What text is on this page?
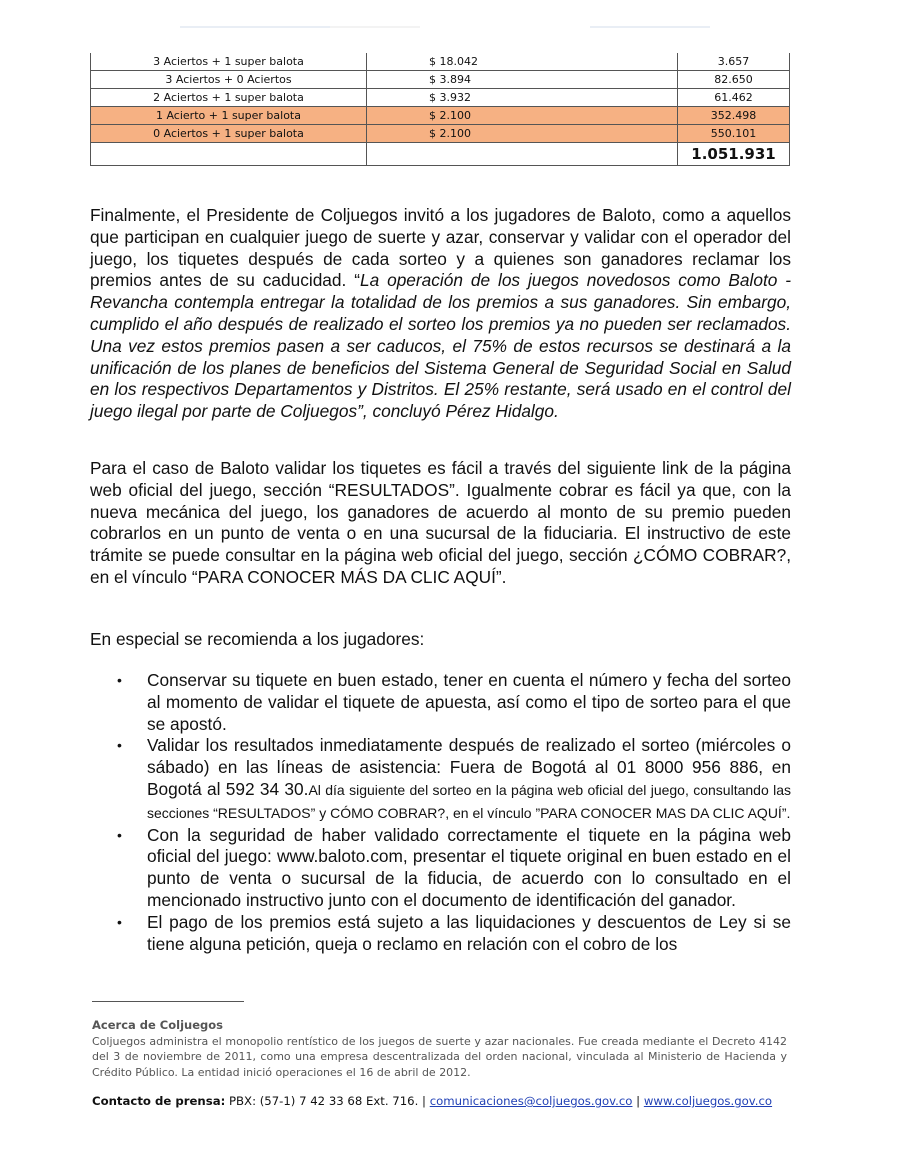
3 Aciertos + 1 super balota	$ 18.042	3.657
3 Aciertos + 0 Aciertos	$ 3.894	82.650
2 Aciertos + 1 super balota	$ 3.932	61.462
1 Acierto + 1 super balota	$ 2.100	352.498
0 Aciertos + 1 super balota	$ 2.100	550.101
		1.051.931

Finalmente, el Presidente de Coljuegos invitó a los jugadores de Baloto, como a aquellos que participan en cualquier juego de suerte y azar, conservar y validar con el operador del juego, los tiquetes después de cada sorteo y a quienes son ganadores reclamar los premios antes de su caducidad. “La operación de los juegos novedosos como Baloto - Revancha contempla entregar la totalidad de los premios a sus ganadores. Sin embargo, cumplido el año después de realizado el sorteo los premios ya no pueden ser reclamados. Una vez estos premios pasen a ser caducos, el 75% de estos recursos se destinará a la unificación de los planes de beneficios del Sistema General de Seguridad Social en Salud en los respectivos Departamentos y Distritos. El 25% restante, será usado en el control del juego ilegal por parte de Coljuegos”, concluyó Pérez Hidalgo.

Para el caso de Baloto validar los tiquetes es fácil a través del siguiente link de la página web oficial del juego, sección “RESULTADOS”. Igualmente cobrar es fácil ya que, con la nueva mecánica del juego, los ganadores de acuerdo al monto de su premio pueden cobrarlos en un punto de venta o en una sucursal de la fiduciaria. El instructivo de este trámite se puede consultar en la página web oficial del juego, sección ¿CÓMO COBRAR?, en el vínculo “PARA CONOCER MÁS DA CLIC AQUÍ”.

En especial se recomienda a los jugadores:

• Conservar su tiquete en buen estado, tener en cuenta el número y fecha del sorteo al momento de validar el tiquete de apuesta, así como el tipo de sorteo para el que se apostó.
• Validar los resultados inmediatamente después de realizado el sorteo (miércoles o sábado) en las líneas de asistencia: Fuera de Bogotá al 01 8000 956 886, en Bogotá al 592 34 30.Al día siguiente del sorteo en la página web oficial del juego, consultando las secciones “RESULTADOS” y CÓMO COBRAR?, en el vínculo ”PARA CONOCER MAS DA CLIC AQUÍ”.
• Con la seguridad de haber validado correctamente el tiquete en la página web oficial del juego: www.baloto.com, presentar el tiquete original en buen estado en el punto de venta o sucursal de la fiducia, de acuerdo con lo consultado en el mencionado instructivo junto con el documento de identificación del ganador.
• El pago de los premios está sujeto a las liquidaciones y descuentos de Ley si se tiene alguna petición, queja o reclamo en relación con el cobro de los
Acerca de Coljuegos
Coljuegos administra el monopolio rentístico de los juegos de suerte y azar nacionales. Fue creada mediante el Decreto 4142 del 3 de noviembre de 2011, como una empresa descentralizada del orden nacional, vinculada al Ministerio de Hacienda y Crédito Público. La entidad inició operaciones el 16 de abril de 2012.
Contacto de prensa: PBX: (57-1) 7 42 33 68 Ext. 716. | comunicaciones@coljuegos.gov.co | www.coljuegos.gov.co
